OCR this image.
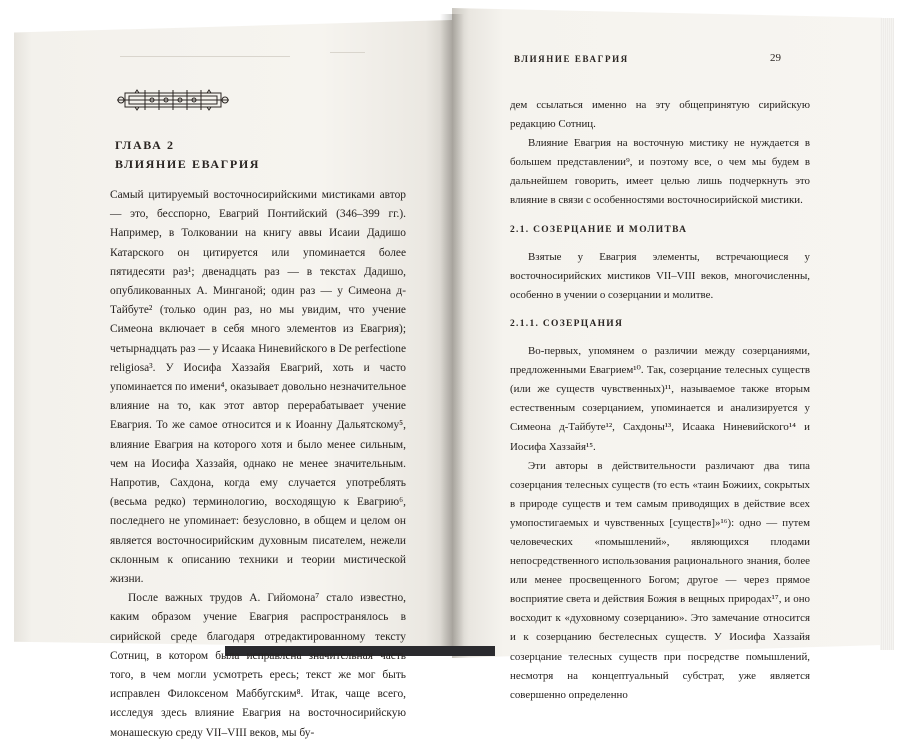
ГЛАВА 2
ВЛИЯНИЕ ЕВАГРИЯ

Самый цитируемый восточносирийскими мистиками автор — это, бесспорно, Евагрий Понтийский (346–399 гг.). Например, в Толковании на книгу аввы Исаии Дадишо Катарского он цитируется или упоминается более пятидесяти раз¹; двенадцать раз — в текстах Дадишо, опубликованных А. Минганой; один раз — у Симеона д-Тайбуте² (только один раз, но мы увидим, что учение Симеона включает в себя много элементов из Евагрия); четырнадцать раз — у Исаака Ниневийского в De perfectione religiosa³. У Иосифа Хаззайя Евагрий, хоть и часто упоминается по имени⁴, оказывает довольно незначительное влияние на то, как этот автор перерабатывает учение Евагрия. То же самое относится и к Иоанну Дальятскому⁵, влияние Евагрия на которого хотя и было менее сильным, чем на Иосифа Хаззайя, однако не менее значительным. Напротив, Сахдона, когда ему случается употреблять (весьма редко) терминологию, восходящую к Евагрию⁶, последнего не упоминает: безусловно, в общем и целом он является восточносирийским духовным писателем, нежели склонным к описанию техники и теории мистической жизни.

После важных трудов А. Гийомона⁷ стало известно, каким образом учение Евагрия распространялось в сирийской среде благодаря отредактированному тексту Сотниц, в котором была исправлена значительная часть того, в чем могли усмотреть ересь; текст же мог быть исправлен Филоксеном Маббугским⁸. Итак, чаще всего, исследуя здесь влияние Евагрия на восточносирийскую монашескую среду VII–VIII веков, мы бу-

ВЛИЯНИЕ ЕВАГРИЯ	29

дем ссылаться именно на эту общепринятую сирийскую редакцию Сотниц.

Влияние Евагрия на восточную мистику не нуждается в большем представлении⁹, и поэтому все, о чем мы будем в дальнейшем говорить, имеет целью лишь подчеркнуть это влияние в связи с особенностями восточносирийской мистики.

2.1. СОЗЕРЦАНИЕ И МОЛИТВА

Взятые у Евагрия элементы, встречающиеся у восточносирийских мистиков VII–VIII веков, многочисленны, особенно в учении о созерцании и молитве.

2.1.1. СОЗЕРЦАНИЯ

Во-первых, упомянем о различии между созерцаниями, предложенными Евагрием¹⁰. Так, созерцание телесных существ (или же существ чувственных)¹¹, называемое также вторым естественным созерцанием, упоминается и анализируется у Симеона д-Тайбуте¹², Сахдоны¹³, Исаака Ниневийского¹⁴ и Иосифа Хаззайя¹⁵.

Эти авторы в действительности различают два типа созерцания телесных существ (то есть «таин Божиих, сокрытых в природе существ и тем самым приводящих в действие всех умопостигаемых и чувственных [существ]»¹⁶): одно — путем человеческих «помышлений», являющихся плодами непосредственного использования рационального знания, более или менее просвещенного Богом; другое — через прямое восприятие света и действия Божия в вещных природах¹⁷, и оно восходит к «духовному созерцанию». Это замечание относится и к созерцанию бестелесных существ. У Иосифа Хаззайя созерцание телесных существ при посредстве помышлений, несмотря на концептуальный субстрат, уже является совершенно определенно
